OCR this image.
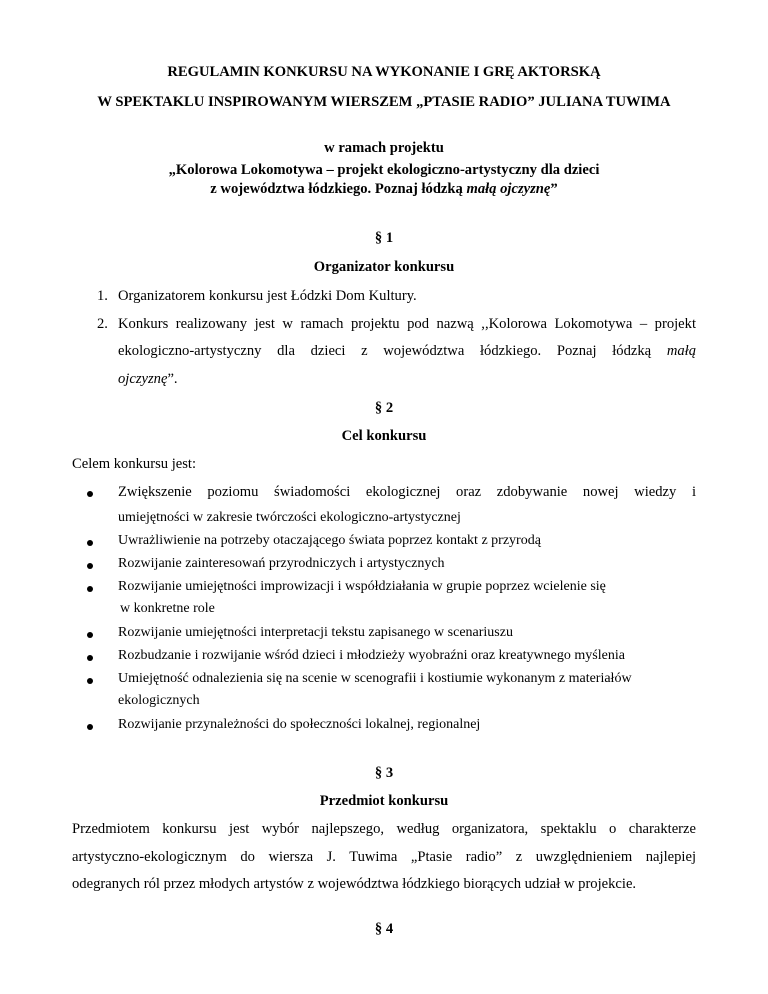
REGULAMIN KONKURSU NA WYKONANIE I GRĘ AKTORSKĄ
W SPEKTAKLU INSPIROWANYM WIERSZEM „PTASIE RADIO” JULIANA TUWIMA
w ramach projektu
„Kolorowa Lokomotywa – projekt ekologiczno-artystyczny dla dzieci
z województwa łódzkiego. Poznaj łódzką małą ojczyznę”
§ 1
Organizator konkursu
1. Organizatorem konkursu jest Łódzki Dom Kultury.
2. Konkurs realizowany jest w ramach projektu pod nazwą ,,Kolorowa Lokomotywa – projekt
ekologiczno-artystyczny dla dzieci z województwa łódzkiego. Poznaj łódzką małą
ojczyznę”.
§ 2
Cel konkursu
Celem konkursu jest:
Zwiększenie poziomu świadomości ekologicznej oraz zdobywanie nowej wiedzy i
umiejętności w zakresie twórczości ekologiczno-artystycznej
Uwrażliwienie na potrzeby otaczającego świata poprzez kontakt z przyrodą
Rozwijanie zainteresowań przyrodniczych i artystycznych
Rozwijanie umiejętności improwizacji i współdziałania w grupie poprzez wcielenie się
w konkretne role
Rozwijanie umiejętności interpretacji tekstu zapisanego w scenariuszu
Rozbudzanie i rozwijanie wśród dzieci i młodzieży wyobraźni oraz kreatywnego myślenia
Umiejętność odnalezienia się na scenie w scenografii i kostiumie wykonanym z materiałów
ekologicznych
Rozwijanie przynależności do społeczności lokalnej, regionalnej
§ 3
Przedmiot konkursu
Przedmiotem konkursu jest wybór najlepszego, według organizatora, spektaklu o charakterze
artystyczno-ekologicznym do wiersza J. Tuwima „Ptasie radio” z uwzględnieniem najlepiej
odegranych ról przez młodych artystów z województwa łódzkiego biorących udział w projekcie.
§ 4
